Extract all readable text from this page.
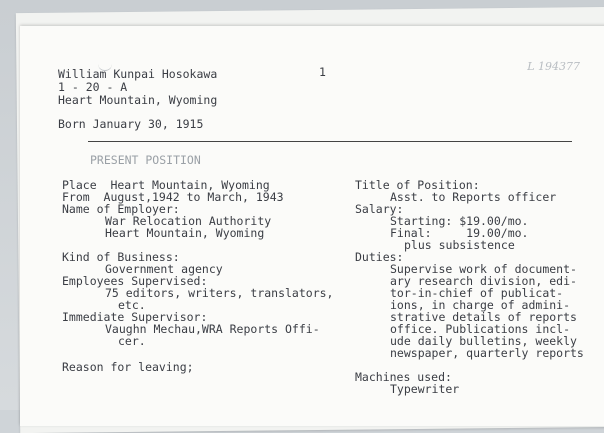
L 194377
William Kunpai Hosokawa	1
1 - 20 - A
Heart Mountain, Wyoming
Born January 30, 1915
PRESENT POSITION
Place  Heart Mountain, Wyoming
From  August,1942 to March, 1943
Name of Employer:
War Relocation Authority
Heart Mountain, Wyoming
Kind of Business:
Government agency
Employees Supervised:
75 editors, writers, translators,
etc.
Immediate Supervisor:
Vaughn Mechau,WRA Reports Offi-
cer.
Reason for leaving;
Title of Position:
Asst. to Reports officer
Salary:
Starting: $19.00/mo.
Final:     19.00/mo.
plus subsistence
Duties:
Supervise work of document-
ary research division, edi-
tor-in-chief of publicat-
ions, in charge of admini-
strative details of reports
office. Publications incl-
ude daily bulletins, weekly
newspaper, quarterly reports
Machines used:
Typewriter
